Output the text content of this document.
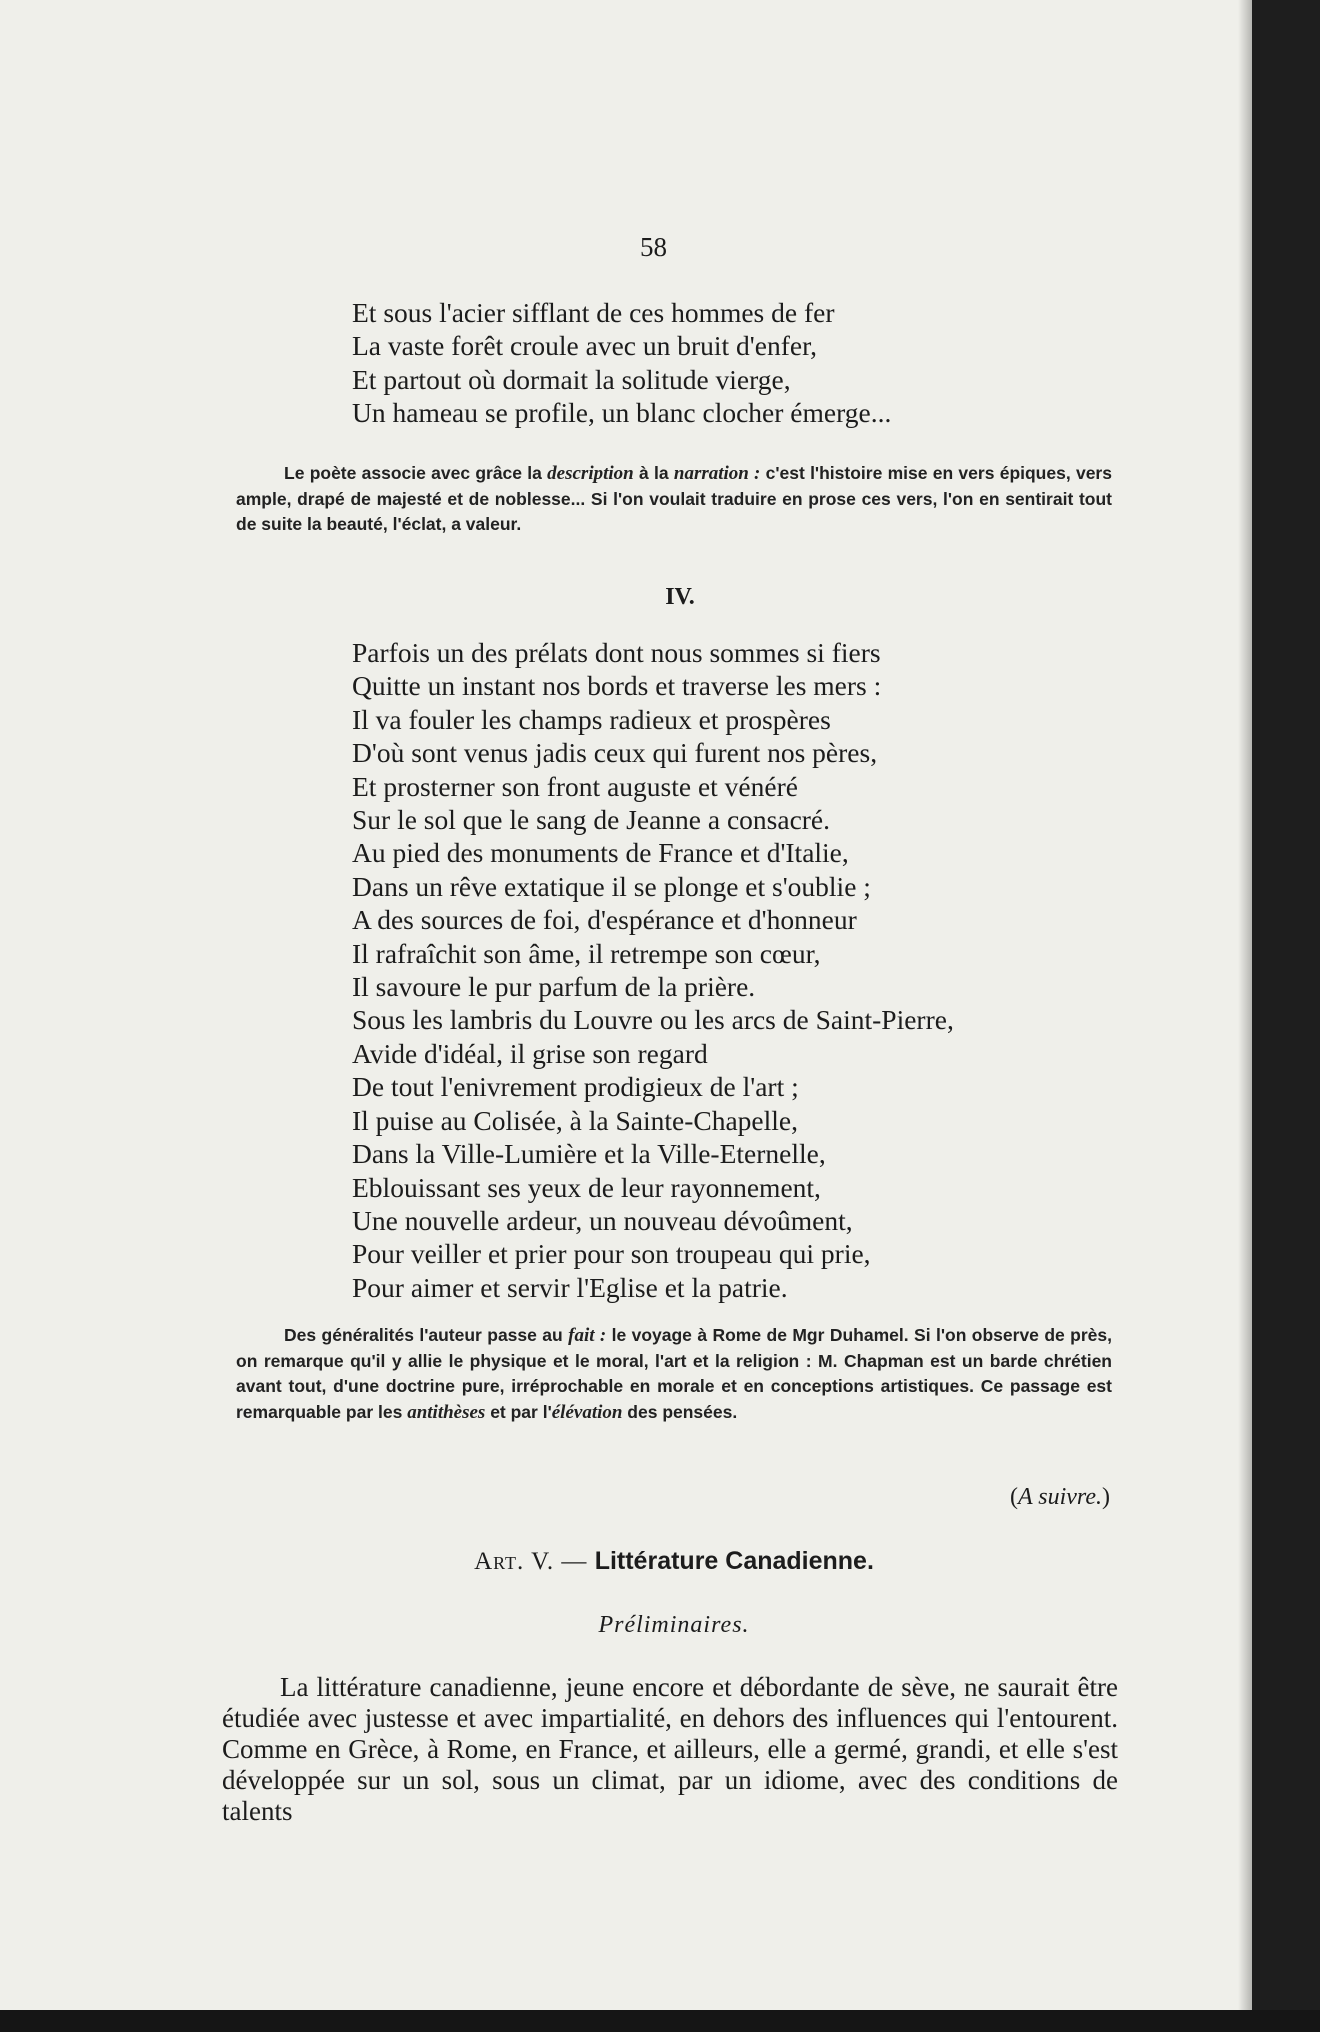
58
Et sous l'acier sifflant de ces hommes de fer
La vaste forêt croule avec un bruit d'enfer,
Et partout où dormait la solitude vierge,
Un hameau se profile, un blanc clocher émerge...
Le poète associe avec grâce la description à la narration : c'est l'histoire mise en vers épiques, vers ample, drapé de majesté et de noblesse... Si l'on voulait traduire en prose ces vers, l'on en sentirait tout de suite la beauté, l'éclat, a valeur.
IV.
Parfois un des prélats dont nous sommes si fiers
Quitte un instant nos bords et traverse les mers :
Il va fouler les champs radieux et prospères
D'où sont venus jadis ceux qui furent nos pères,
Et prosterner son front auguste et vénéré
Sur le sol que le sang de Jeanne a consacré.
Au pied des monuments de France et d'Italie,
Dans un rêve extatique il se plonge et s'oublie ;
A des sources de foi, d'espérance et d'honneur
Il rafraîchit son âme, il retrempe son cœur,
Il savoure le pur parfum de la prière.
Sous les lambris du Louvre ou les arcs de Saint-Pierre,
Avide d'idéal, il grise son regard
De tout l'enivrement prodigieux de l'art ;
Il puise au Colisée, à la Sainte-Chapelle,
Dans la Ville-Lumière et la Ville-Eternelle,
Eblouissant ses yeux de leur rayonnement,
Une nouvelle ardeur, un nouveau dévoûment,
Pour veiller et prier pour son troupeau qui prie,
Pour aimer et servir l'Eglise et la patrie.
Des généralités l'auteur passe au fait : le voyage à Rome de Mgr Duhamel. Si l'on observe de près, on remarque qu'il y allie le physique et le moral, l'art et la religion : M. Chapman est un barde chrétien avant tout, d'une doctrine pure, irréprochable en morale et en conceptions artistiques. Ce passage est remarquable par les antithèses et par l'élévation des pensées.
(A suivre.)
Art. V. — Littérature Canadienne.
Préliminaires.
La littérature canadienne, jeune encore et débordante de sève, ne saurait être étudiée avec justesse et avec impartialité, en dehors des influences qui l'entourent. Comme en Grèce, à Rome, en France, et ailleurs, elle a germé, grandi, et elle s'est développée sur un sol, sous un climat, par un idiome, avec des conditions de talents
